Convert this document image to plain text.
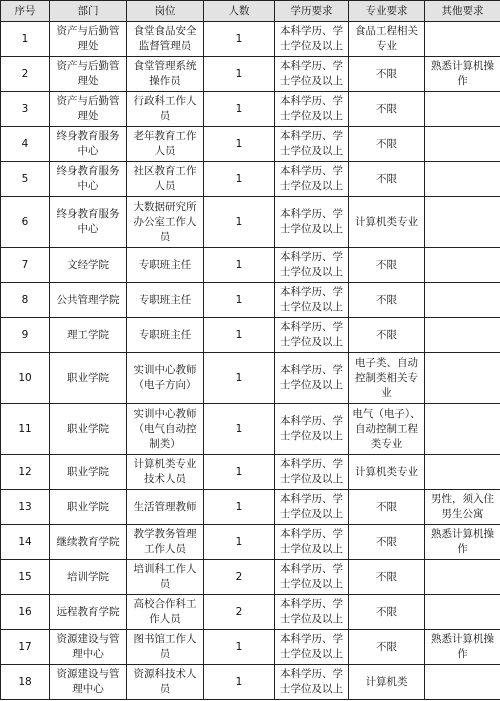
序号	部门	岗位	人数	学历要求	专业要求	其他要求
1	资产与后勤管理处	食堂食品安全监督管理员	1	本科学历、学士学位及以上	食品工程相关专业	
2	资产与后勤管理处	食堂管理系统操作员	1	本科学历、学士学位及以上	不限	熟悉计算机操作
3	资产与后勤管理处	行政科工作人员	1	本科学历、学士学位及以上	不限	
4	终身教育服务中心	老年教育工作人员	1	本科学历、学士学位及以上	不限	
5	终身教育服务中心	社区教育工作人员	1	本科学历、学士学位及以上	不限	
6	终身教育服务中心	大数据研究所办公室工作人员	1	本科学历、学士学位及以上	计算机类专业	
7	文经学院	专职班主任	1	本科学历、学士学位及以上	不限	
8	公共管理学院	专职班主任	1	本科学历、学士学位及以上	不限	
9	理工学院	专职班主任	1	本科学历、学士学位及以上	不限	
10	职业学院	实训中心教师（电子方向）	1	本科学历、学士学位及以上	电子类、自动控制类相关专业	
11	职业学院	实训中心教师（电气自动控制类）	1	本科学历、学士学位及以上	电气（电子）、自动控制工程类专业	
12	职业学院	计算机类专业技术人员	1	本科学历、学士学位及以上	计算机类专业	
13	职业学院	生活管理教师	1	本科学历、学士学位及以上	不限	男性，须入住男生公寓
14	继续教育学院	教学教务管理工作人员	1	本科学历、学士学位及以上	不限	熟悉计算机操作
15	培训学院	培训科工作人员	2	本科学历、学士学位及以上	不限	
16	远程教育学院	高校合作科工作人员	2	本科学历、学士学位及以上	不限	
17	资源建设与管理中心	图书馆工作人员	1	本科学历、学士学位及以上	不限	熟悉计算机操作
18	资源建设与管理中心	资源科技术人员	1	本科学历、学士学位及以上	计算机类	
